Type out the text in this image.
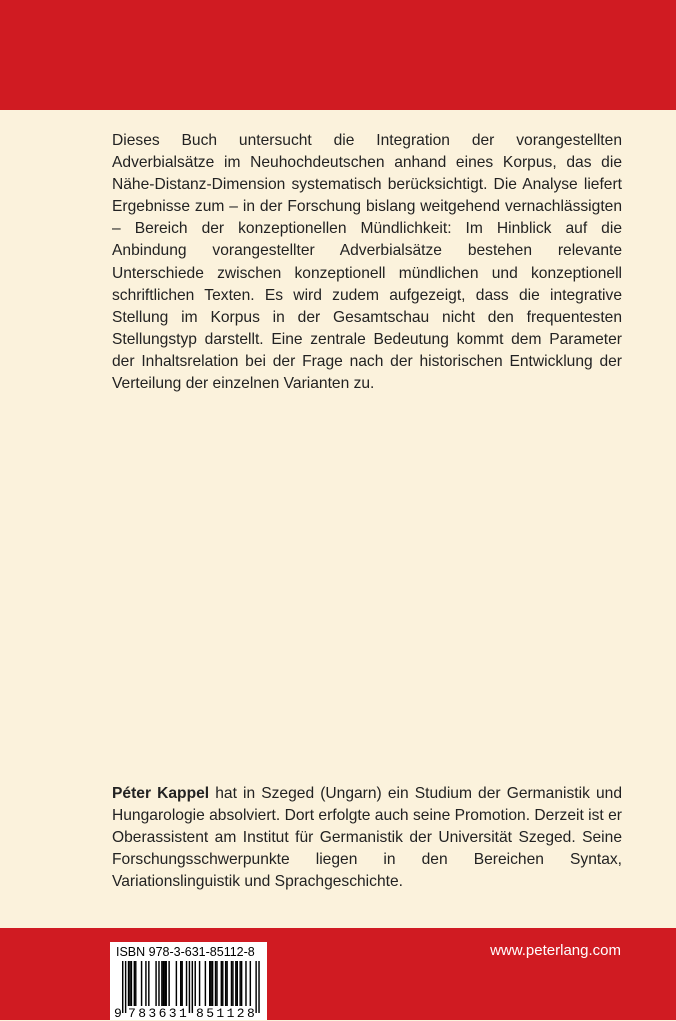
Dieses Buch untersucht die Integration der vorangestellten Adverbialsätze im Neuhochdeutschen anhand eines Korpus, das die Nähe-Distanz-Dimension systematisch berücksichtigt. Die Analyse liefert Ergebnisse zum – in der Forschung bislang weitgehend vernachlässigten – Bereich der konzeptionellen Mündlichkeit: Im Hinblick auf die Anbindung vorangestellter Adverbialsätze bestehen relevante Unterschiede zwischen konzeptionell mündlichen und konzeptionell schriftlichen Texten. Es wird zudem aufgezeigt, dass die integrative Stellung im Korpus in der Gesamtschau nicht den frequentesten Stellungstyp darstellt. Eine zentrale Bedeutung kommt dem Parameter der Inhaltsrelation bei der Frage nach der historischen Entwicklung der Verteilung der einzelnen Varianten zu.

Péter Kappel hat in Szeged (Ungarn) ein Studium der Germanistik und Hungarologie absolviert. Dort erfolgte auch seine Promotion. Derzeit ist er Oberassistent am Institut für Germanistik der Universität Szeged. Seine Forschungsschwerpunkte liegen in den Bereichen Syntax, Variationslinguistik und Sprachgeschichte.

ISBN 978-3-631-85112-8
9 783631 851128
www.peterlang.com
